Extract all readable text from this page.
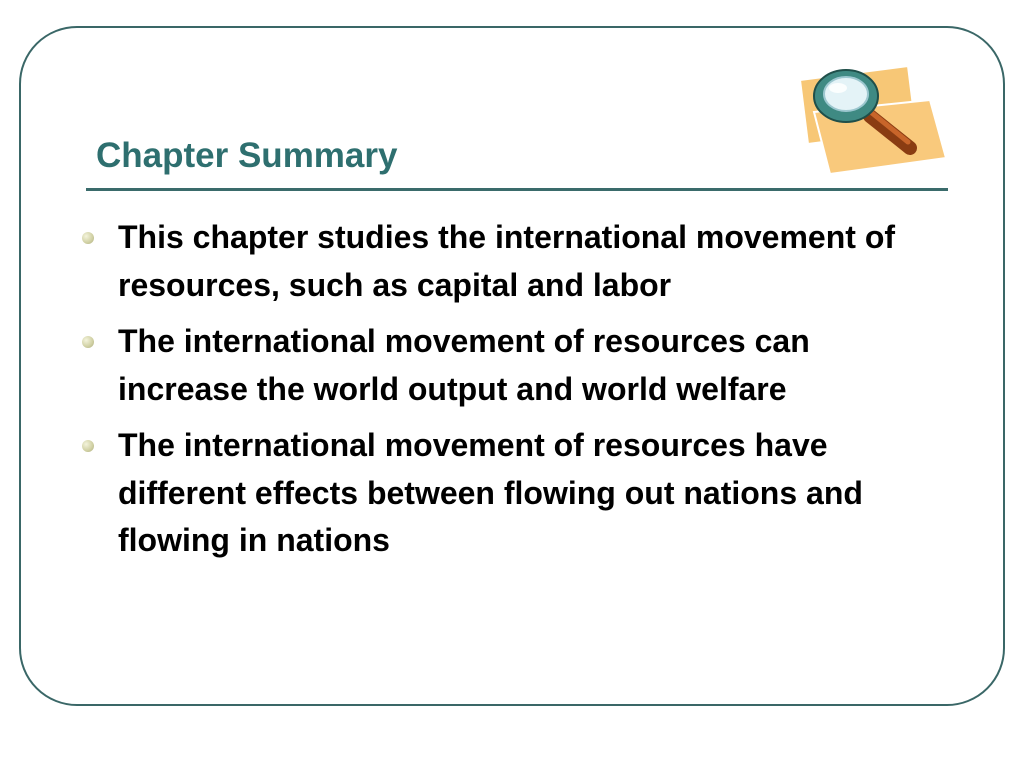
Chapter Summary
This chapter studies the international movement of resources, such as capital and labor
The international movement of resources can increase the world output and world welfare
The international movement of resources have different effects between flowing out nations and flowing in nations
